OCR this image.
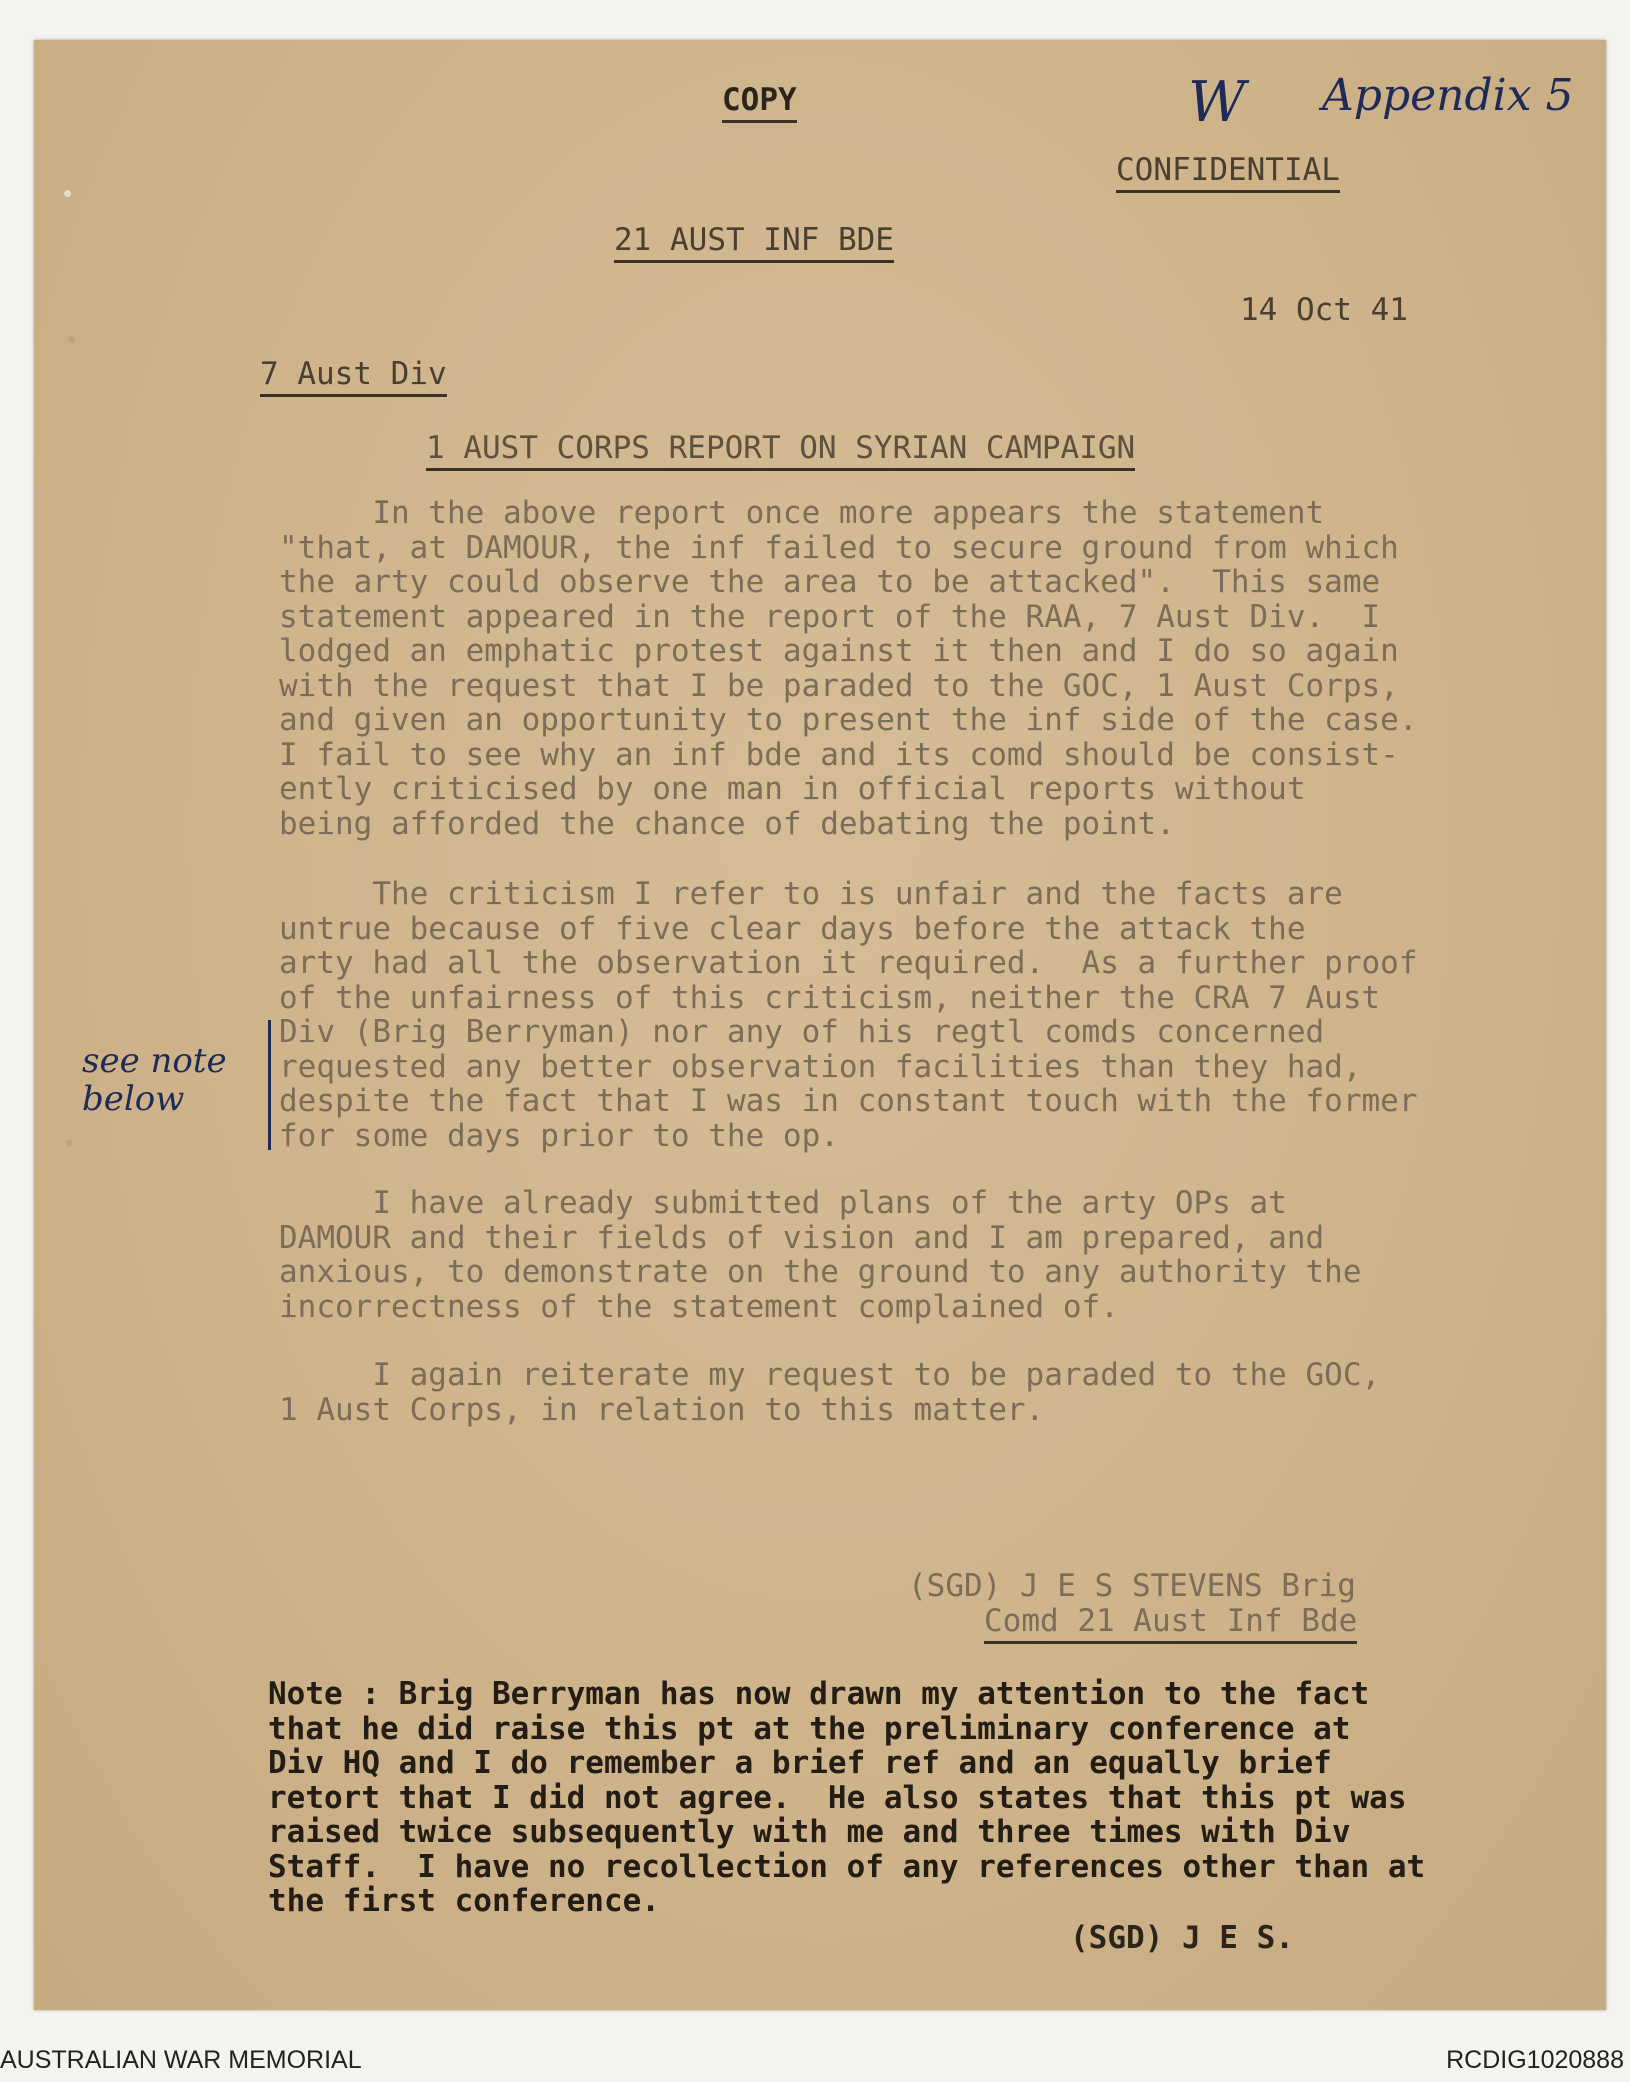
COPY	W Appendix 5
CONFIDENTIAL
21 AUST INF BDE
14 Oct 41
7 Aust Div
1 AUST CORPS REPORT ON SYRIAN CAMPAIGN
In the above report once more appears the statement
"that, at DAMOUR, the inf failed to secure ground from which
the arty could observe the area to be attacked".  This same
statement appeared in the report of the RAA, 7 Aust Div.  I
lodged an emphatic protest against it then and I do so again
with the request that I be paraded to the GOC, 1 Aust Corps,
and given an opportunity to present the inf side of the case.
I fail to see why an inf bde and its comd should be consist-
ently criticised by one man in official reports without
being afforded the chance of debating the point.
The criticism I refer to is unfair and the facts are
untrue because of five clear days before the attack the
arty had all the observation it required.  As a further proof
of the unfairness of this criticism, neither the CRA 7 Aust
Div (Brig Berryman) nor any of his regtl comds concerned
requested any better observation facilities than they had,
despite the fact that I was in constant touch with the former
for some days prior to the op.
I have already submitted plans of the arty OPs at
DAMOUR and their fields of vision and I am prepared, and
anxious, to demonstrate on the ground to any authority the
incorrectness of the statement complained of.
I again reiterate my request to be paraded to the GOC,
1 Aust Corps, in relation to this matter.
see note
below
(SGD) J E S STEVENS Brig
Comd 21 Aust Inf Bde
Note : Brig Berryman has now drawn my attention to the fact
that he did raise this pt at the preliminary conference at
Div HQ and I do remember a brief ref and an equally brief
retort that I did not agree.  He also states that this pt was
raised twice subsequently with me and three times with Div
Staff.  I have no recollection of any references other than at
the first conference.
(SGD) J E S.
AUSTRALIAN WAR MEMORIAL	RCDIG1020888
